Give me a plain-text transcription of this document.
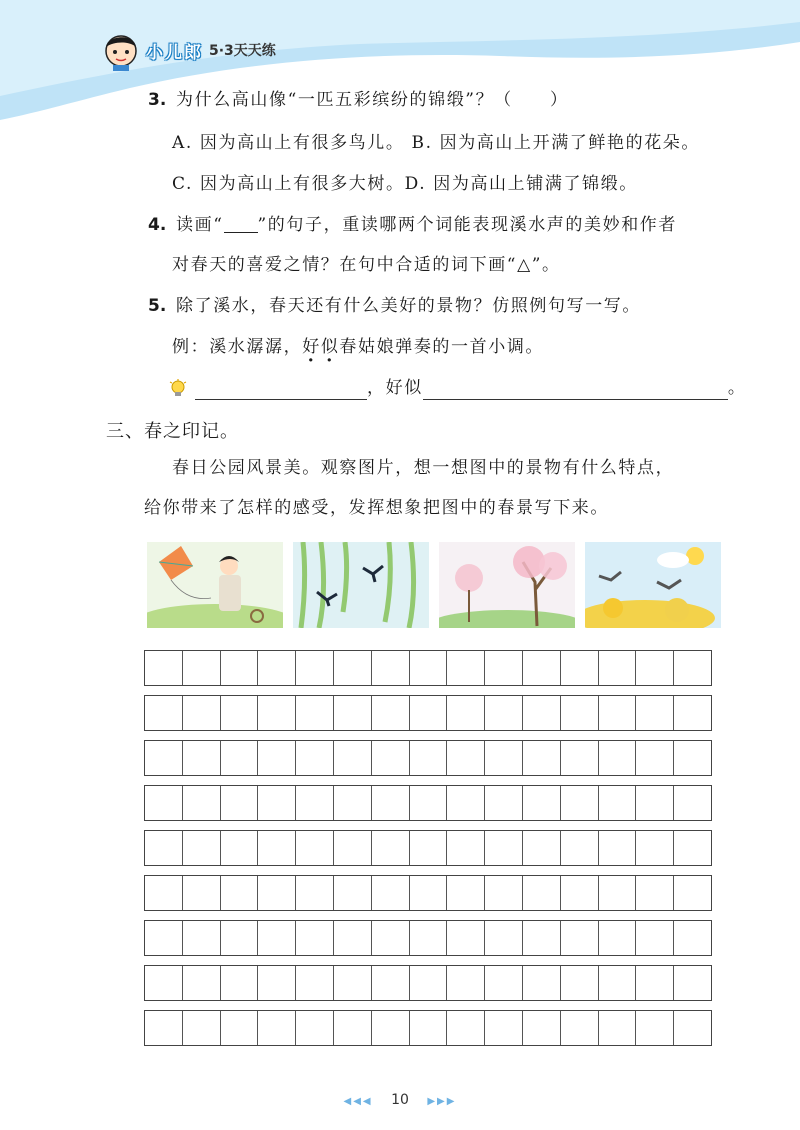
小儿郎 5·3天天练
3. 为什么高山像“一匹五彩缤纷的锦缎”？（　　）
A. 因为高山上有很多鸟儿。 B. 因为高山上开满了鲜艳的花朵。
C. 因为高山上有很多大树。D. 因为高山上铺满了锦缎。
4. 读画“ ”的句子，重读哪两个词能表现溪水声的美妙和作者
对春天的喜爱之情？在句中合适的词下画“△”。
5. 除了溪水，春天还有什么美好的景物？仿照例句写一写。
例：溪水潺潺，好似春姑娘弹奏的一首小调。
，好似	。
三、春之印记。
春日公园风景美。观察图片，想一想图中的景物有什么特点，
给你带来了怎样的感受，发挥想象把图中的春景写下来。
◀◀◀ 10 ▶▶▶
